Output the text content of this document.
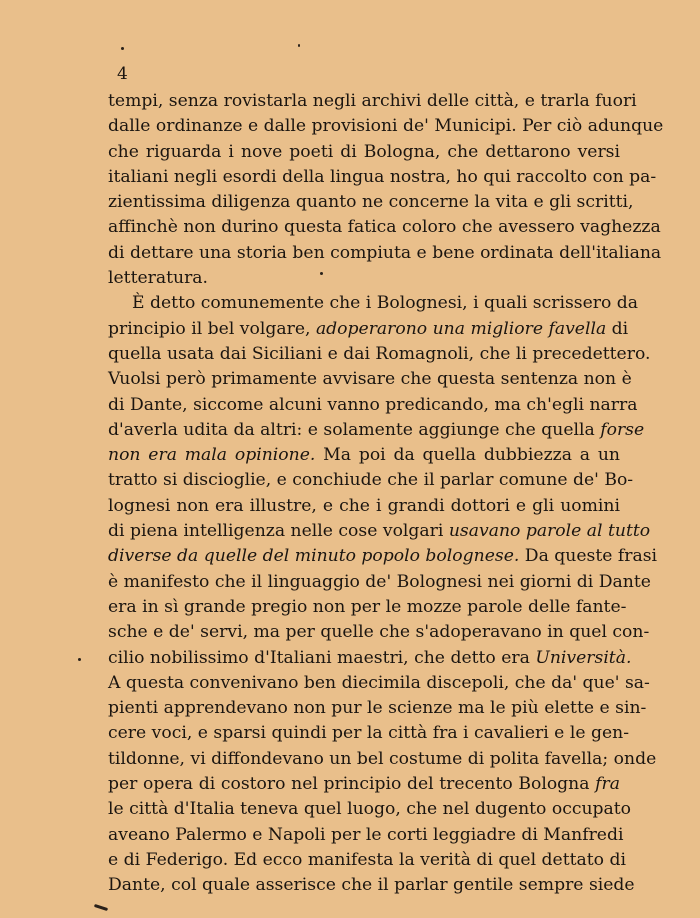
4
tempi, senza rovistarla negli archivi delle città, e trarla fuori
dalle ordinanze e dalle provisioni de' Municipi. Per ciò adunque
che riguarda i nove poeti di Bologna, che dettarono versi
italiani negli esordi della lingua nostra, ho qui raccolto con pa-
zientissima diligenza quanto ne concerne la vita e gli scritti,
affinchè non durino questa fatica coloro che avessero vaghezza
di dettare una storia ben compiuta e bene ordinata dell'italiana
letteratura.
È detto comunemente che i Bolognesi, i quali scrissero da
principio il bel volgare, adoperarono una migliore favella di
quella usata dai Siciliani e dai Romagnoli, che li precedettero.
Vuolsi però primamente avvisare che questa sentenza non è
di Dante, siccome alcuni vanno predicando, ma ch'egli narra
d'averla udita da altri: e solamente aggiunge che quella forse
non era mala opinione. Ma poi da quella dubbiezza a un
tratto si discioglie, e conchiude che il parlar comune de' Bo-
lognesi non era illustre, e che i grandi dottori e gli uomini
di piena intelligenza nelle cose volgari usavano parole al tutto
diverse da quelle del minuto popolo bolognese. Da queste frasi
è manifesto che il linguaggio de' Bolognesi nei giorni di Dante
era in sì grande pregio non per le mozze parole delle fante-
sche e de' servi, ma per quelle che s'adoperavano in quel con-
cilio nobilissimo d'Italiani maestri, che detto era Università.
A questa convenivano ben diecimila discepoli, che da' que' sa-
pienti apprendevano non pur le scienze ma le più elette e sin-
cere voci, e sparsi quindi per la città fra i cavalieri e le gen-
tildonne, vi diffondevano un bel costume di polita favella; onde
per opera di costoro nel principio del trecento Bologna fra
le città d'Italia teneva quel luogo, che nel dugento occupato
aveano Palermo e Napoli per le corti leggiadre di Manfredi
e di Federigo. Ed ecco manifesta la verità di quel dettato di
Dante, col quale asserisce che il parlar gentile sempre siede
